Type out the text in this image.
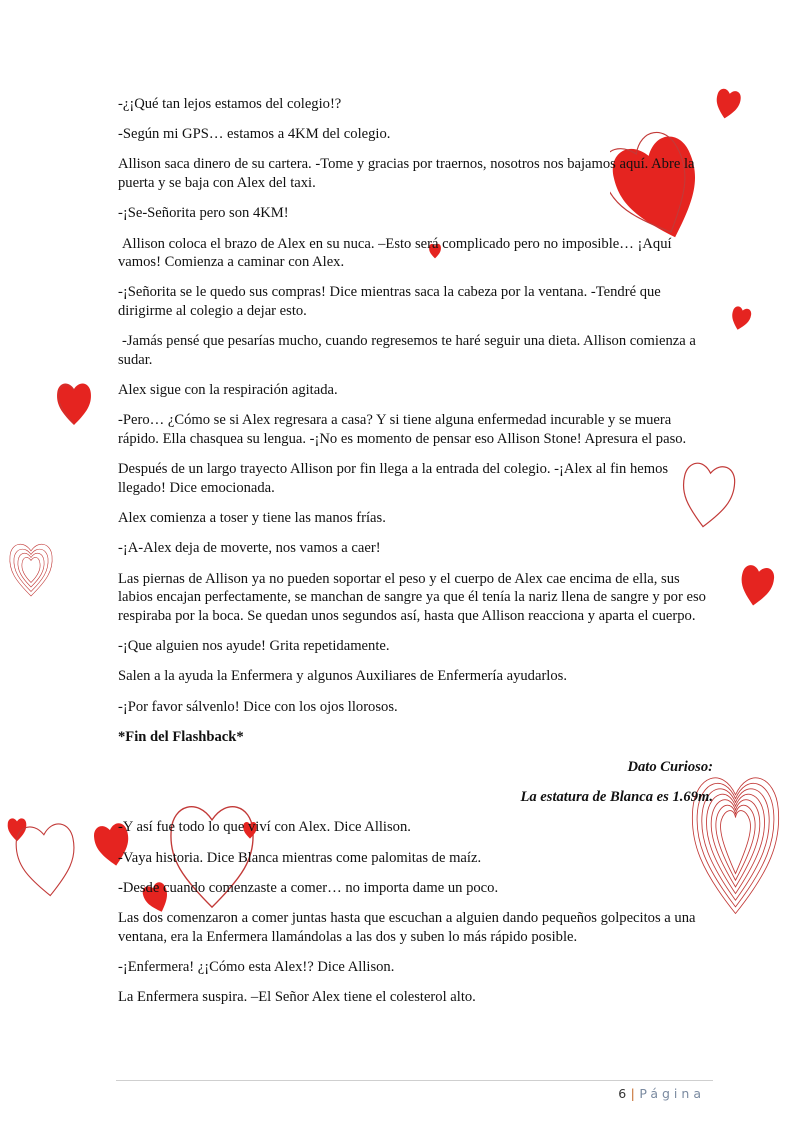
-¿¡Qué tan lejos estamos del colegio!?

-Según mi GPS… estamos a 4KM del colegio.

Allison saca dinero de su cartera. -Tome y gracias por traernos, nosotros nos bajamos aquí. Abre la puerta y se baja con Alex del taxi.

-¡Se-Señorita pero son 4KM!

Allison coloca el brazo de Alex en su nuca. –Esto será complicado pero no imposible… ¡Aquí vamos! Comienza a caminar con Alex.

-¡Señorita se le quedo sus compras! Dice mientras saca la cabeza por la ventana. -Tendré que dirigirme al colegio a dejar esto.

-Jamás pensé que pesarías mucho, cuando regresemos te haré seguir una dieta. Allison comienza a sudar.

Alex sigue con la respiración agitada.

-Pero… ¿Cómo se si Alex regresara a casa? Y si tiene alguna enfermedad incurable y se muera rápido. Ella chasquea su lengua. -¡No es momento de pensar eso Allison Stone! Apresura el paso.

Después de un largo trayecto Allison por fin llega a la entrada del colegio. -¡Alex al fin hemos llegado! Dice emocionada.

Alex comienza a toser y tiene las manos frías.

-¡A-Alex deja de moverte, nos vamos a caer!

Las piernas de Allison ya no pueden soportar el peso y el cuerpo de Alex cae encima de ella, sus labios encajan perfectamente, se manchan de sangre ya que él tenía la nariz llena de sangre y por eso respiraba por la boca. Se quedan unos segundos así, hasta que Allison reacciona y aparta el cuerpo.

-¡Que alguien nos ayude! Grita repetidamente.

Salen a la ayuda la Enfermera y algunos Auxiliares de Enfermería ayudarlos.

-¡Por favor sálvenlo! Dice con los ojos llorosos.

*Fin del Flashback*

Dato Curioso:

La estatura de Blanca es 1.69m.

-Y así fue todo lo que viví con Alex. Dice Allison.

-Vaya historia. Dice Blanca mientras come palomitas de maíz.

-Desde cuando comenzaste a comer… no importa dame un poco.

Las dos comenzaron a comer juntas hasta que escuchan a alguien dando pequeños golpecitos a una ventana, era la Enfermera llamándolas a las dos y suben lo más rápido posible.

-¡Enfermera! ¿¡Cómo esta Alex!? Dice Allison.

La Enfermera suspira. –El Señor Alex tiene el colesterol alto.

6 | Página
